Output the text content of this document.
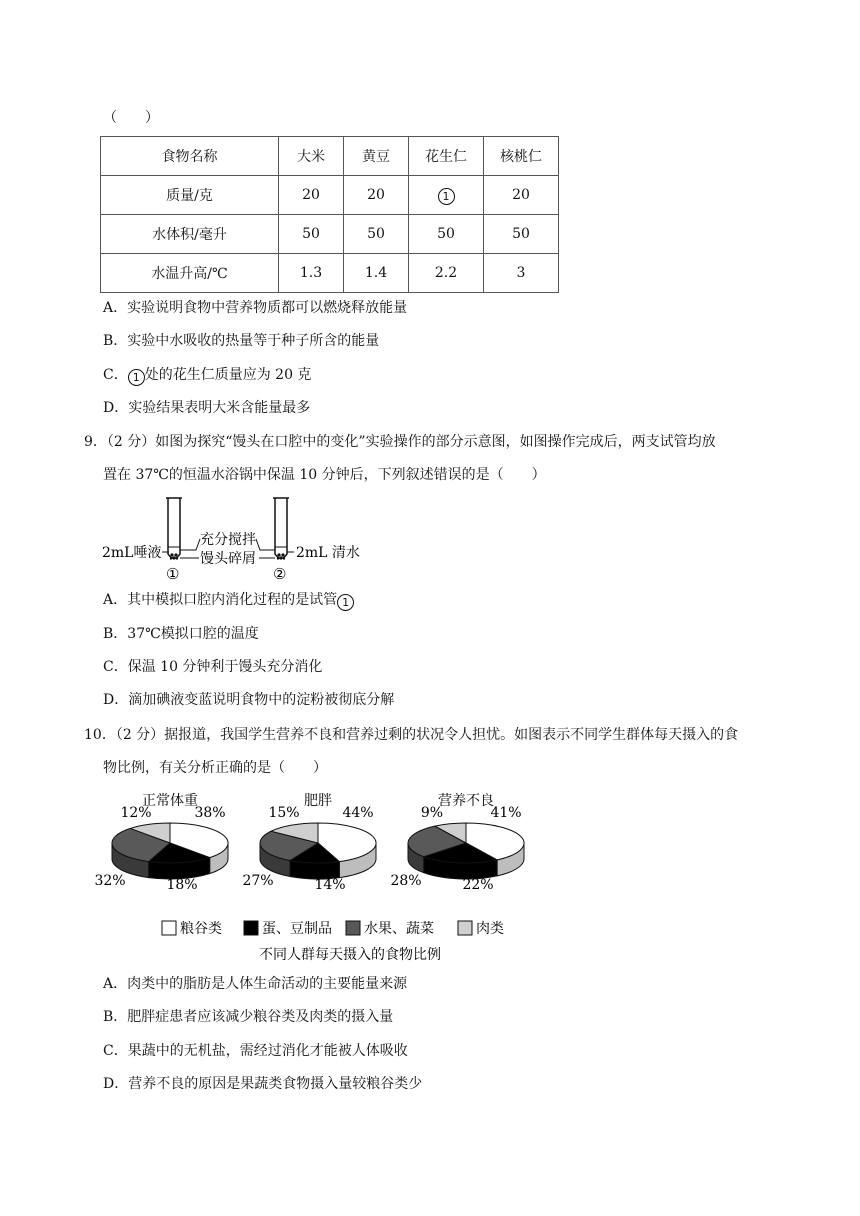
（　　）
食物名称	大米	黄豆	花生仁	核桃仁
质量/克	20	20	1	20
水体积/毫升	50	50	50	50
水温升高/℃	1.3	1.4	2.2	3
A．实验说明食物中营养物质都可以燃烧释放能量
B．实验中水吸收的热量等于种子所含的能量
C． 1 处的花生仁质量应为 20 克
D．实验结果表明大米含能量最多
9．（2 分）如图为探究“馒头在口腔中的变化”实验操作的部分示意图，如图操作完成后，两支试管均放
置在 37℃的恒温水浴锅中保温 10 分钟后，下列叙述错误的是（　　）
2mL唾液	2mL 清水
充分搅拌
馒头碎屑
①	②
A．其中模拟口腔内消化过程的是试管 1
B．37℃模拟口腔的温度
C．保温 10 分钟利于馒头充分消化
D．滴加碘液变蓝说明食物中的淀粉被彻底分解
10．（2 分）据报道，我国学生营养不良和营养过剩的状况令人担忧。如图表示不同学生群体每天摄入的食
物比例，有关分析正确的是（　　）
正常体重
38%
18%
32%
12%
肥胖
44%
14%
27%
15%
营养不良
41%
22%
28%
9%
粮谷类	蛋、豆制品 水果、蔬菜	肉类
不同人群每天摄入的食物比例
A．肉类中的脂肪是人体生命活动的主要能量来源
B．肥胖症患者应该减少粮谷类及肉类的摄入量
C．果蔬中的无机盐，需经过消化才能被人体吸收
D．营养不良的原因是果蔬类食物摄入量较粮谷类少
